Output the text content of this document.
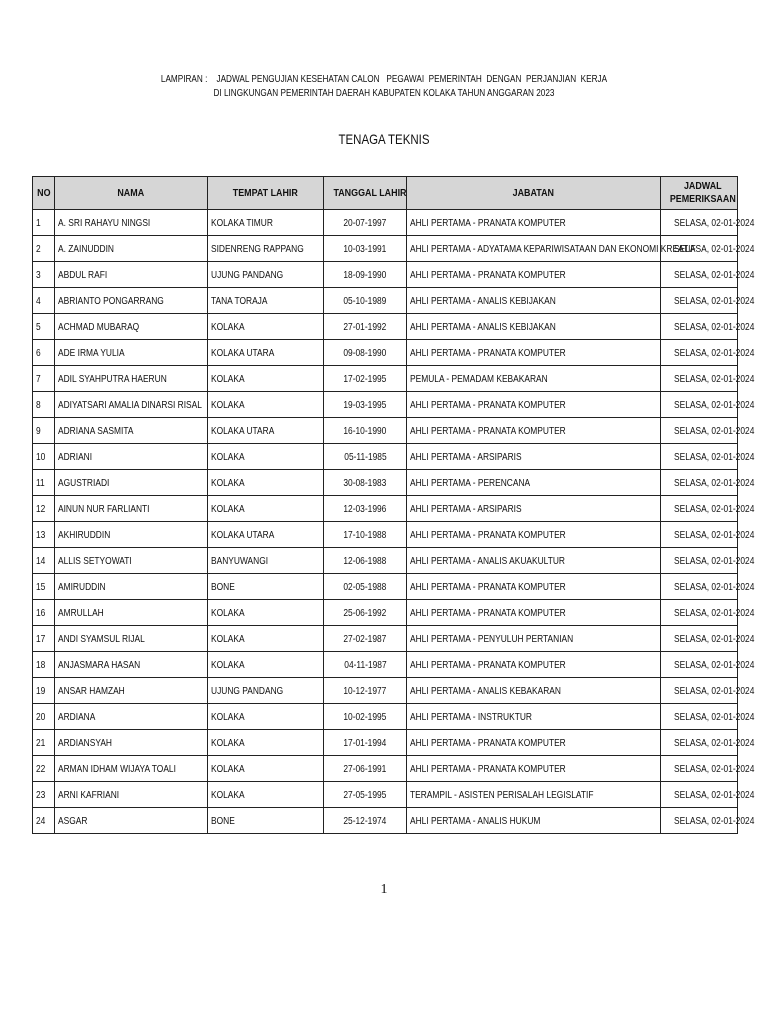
LAMPIRAN :    JADWAL PENGUJIAN KESEHATAN CALON   PEGAWAI  PEMERINTAH  DENGAN  PERJANJIAN  KERJA
DI LINGKUNGAN PEMERINTAH DAERAH KABUPATEN KOLAKA TAHUN ANGGARAN 2023
TENAGA TEKNIS
NO	NAMA	TEMPAT LAHIR	TANGGAL LAHIR	JABATAN	JADWAL PEMERIKSAAN
1	A. SRI RAHAYU NINGSI	KOLAKA TIMUR	20-07-1997	AHLI PERTAMA - PRANATA KOMPUTER	SELASA, 02-01-2024
2	A. ZAINUDDIN	SIDENRENG RAPPANG	10-03-1991	AHLI PERTAMA - ADYATAMA KEPARIWISATAAN DAN EKONOMI KREATIF	SELASA, 02-01-2024
3	ABDUL RAFI	UJUNG PANDANG	18-09-1990	AHLI PERTAMA - PRANATA KOMPUTER	SELASA, 02-01-2024
4	ABRIANTO PONGARRANG	TANA TORAJA	05-10-1989	AHLI PERTAMA - ANALIS KEBIJAKAN	SELASA, 02-01-2024
5	ACHMAD MUBARAQ	KOLAKA	27-01-1992	AHLI PERTAMA - ANALIS KEBIJAKAN	SELASA, 02-01-2024
6	ADE IRMA YULIA	KOLAKA UTARA	09-08-1990	AHLI PERTAMA - PRANATA KOMPUTER	SELASA, 02-01-2024
7	ADIL SYAHPUTRA HAERUN	KOLAKA	17-02-1995	PEMULA - PEMADAM KEBAKARAN	SELASA, 02-01-2024
8	ADIYATSARI AMALIA DINARSI RISAL	KOLAKA	19-03-1995	AHLI PERTAMA - PRANATA KOMPUTER	SELASA, 02-01-2024
9	ADRIANA SASMITA	KOLAKA UTARA	16-10-1990	AHLI PERTAMA - PRANATA KOMPUTER	SELASA, 02-01-2024
10	ADRIANI	KOLAKA	05-11-1985	AHLI PERTAMA - ARSIPARIS	SELASA, 02-01-2024
11	AGUSTRIADI	KOLAKA	30-08-1983	AHLI PERTAMA - PERENCANA	SELASA, 02-01-2024
12	AINUN NUR FARLIANTI	KOLAKA	12-03-1996	AHLI PERTAMA - ARSIPARIS	SELASA, 02-01-2024
13	AKHIRUDDIN	KOLAKA UTARA	17-10-1988	AHLI PERTAMA - PRANATA KOMPUTER	SELASA, 02-01-2024
14	ALLIS SETYOWATI	BANYUWANGI	12-06-1988	AHLI PERTAMA - ANALIS AKUAKULTUR	SELASA, 02-01-2024
15	AMIRUDDIN	BONE	02-05-1988	AHLI PERTAMA - PRANATA KOMPUTER	SELASA, 02-01-2024
16	AMRULLAH	KOLAKA	25-06-1992	AHLI PERTAMA - PRANATA KOMPUTER	SELASA, 02-01-2024
17	ANDI SYAMSUL RIJAL	KOLAKA	27-02-1987	AHLI PERTAMA - PENYULUH PERTANIAN	SELASA, 02-01-2024
18	ANJASMARA HASAN	KOLAKA	04-11-1987	AHLI PERTAMA - PRANATA KOMPUTER	SELASA, 02-01-2024
19	ANSAR HAMZAH	UJUNG PANDANG	10-12-1977	AHLI PERTAMA - ANALIS KEBAKARAN	SELASA, 02-01-2024
20	ARDIANA	KOLAKA	10-02-1995	AHLI PERTAMA - INSTRUKTUR	SELASA, 02-01-2024
21	ARDIANSYAH	KOLAKA	17-01-1994	AHLI PERTAMA - PRANATA KOMPUTER	SELASA, 02-01-2024
22	ARMAN IDHAM WIJAYA TOALI	KOLAKA	27-06-1991	AHLI PERTAMA - PRANATA KOMPUTER	SELASA, 02-01-2024
23	ARNI KAFRIANI	KOLAKA	27-05-1995	TERAMPIL - ASISTEN PERISALAH LEGISLATIF	SELASA, 02-01-2024
24	ASGAR	BONE	25-12-1974	AHLI PERTAMA - ANALIS HUKUM	SELASA, 02-01-2024
1
